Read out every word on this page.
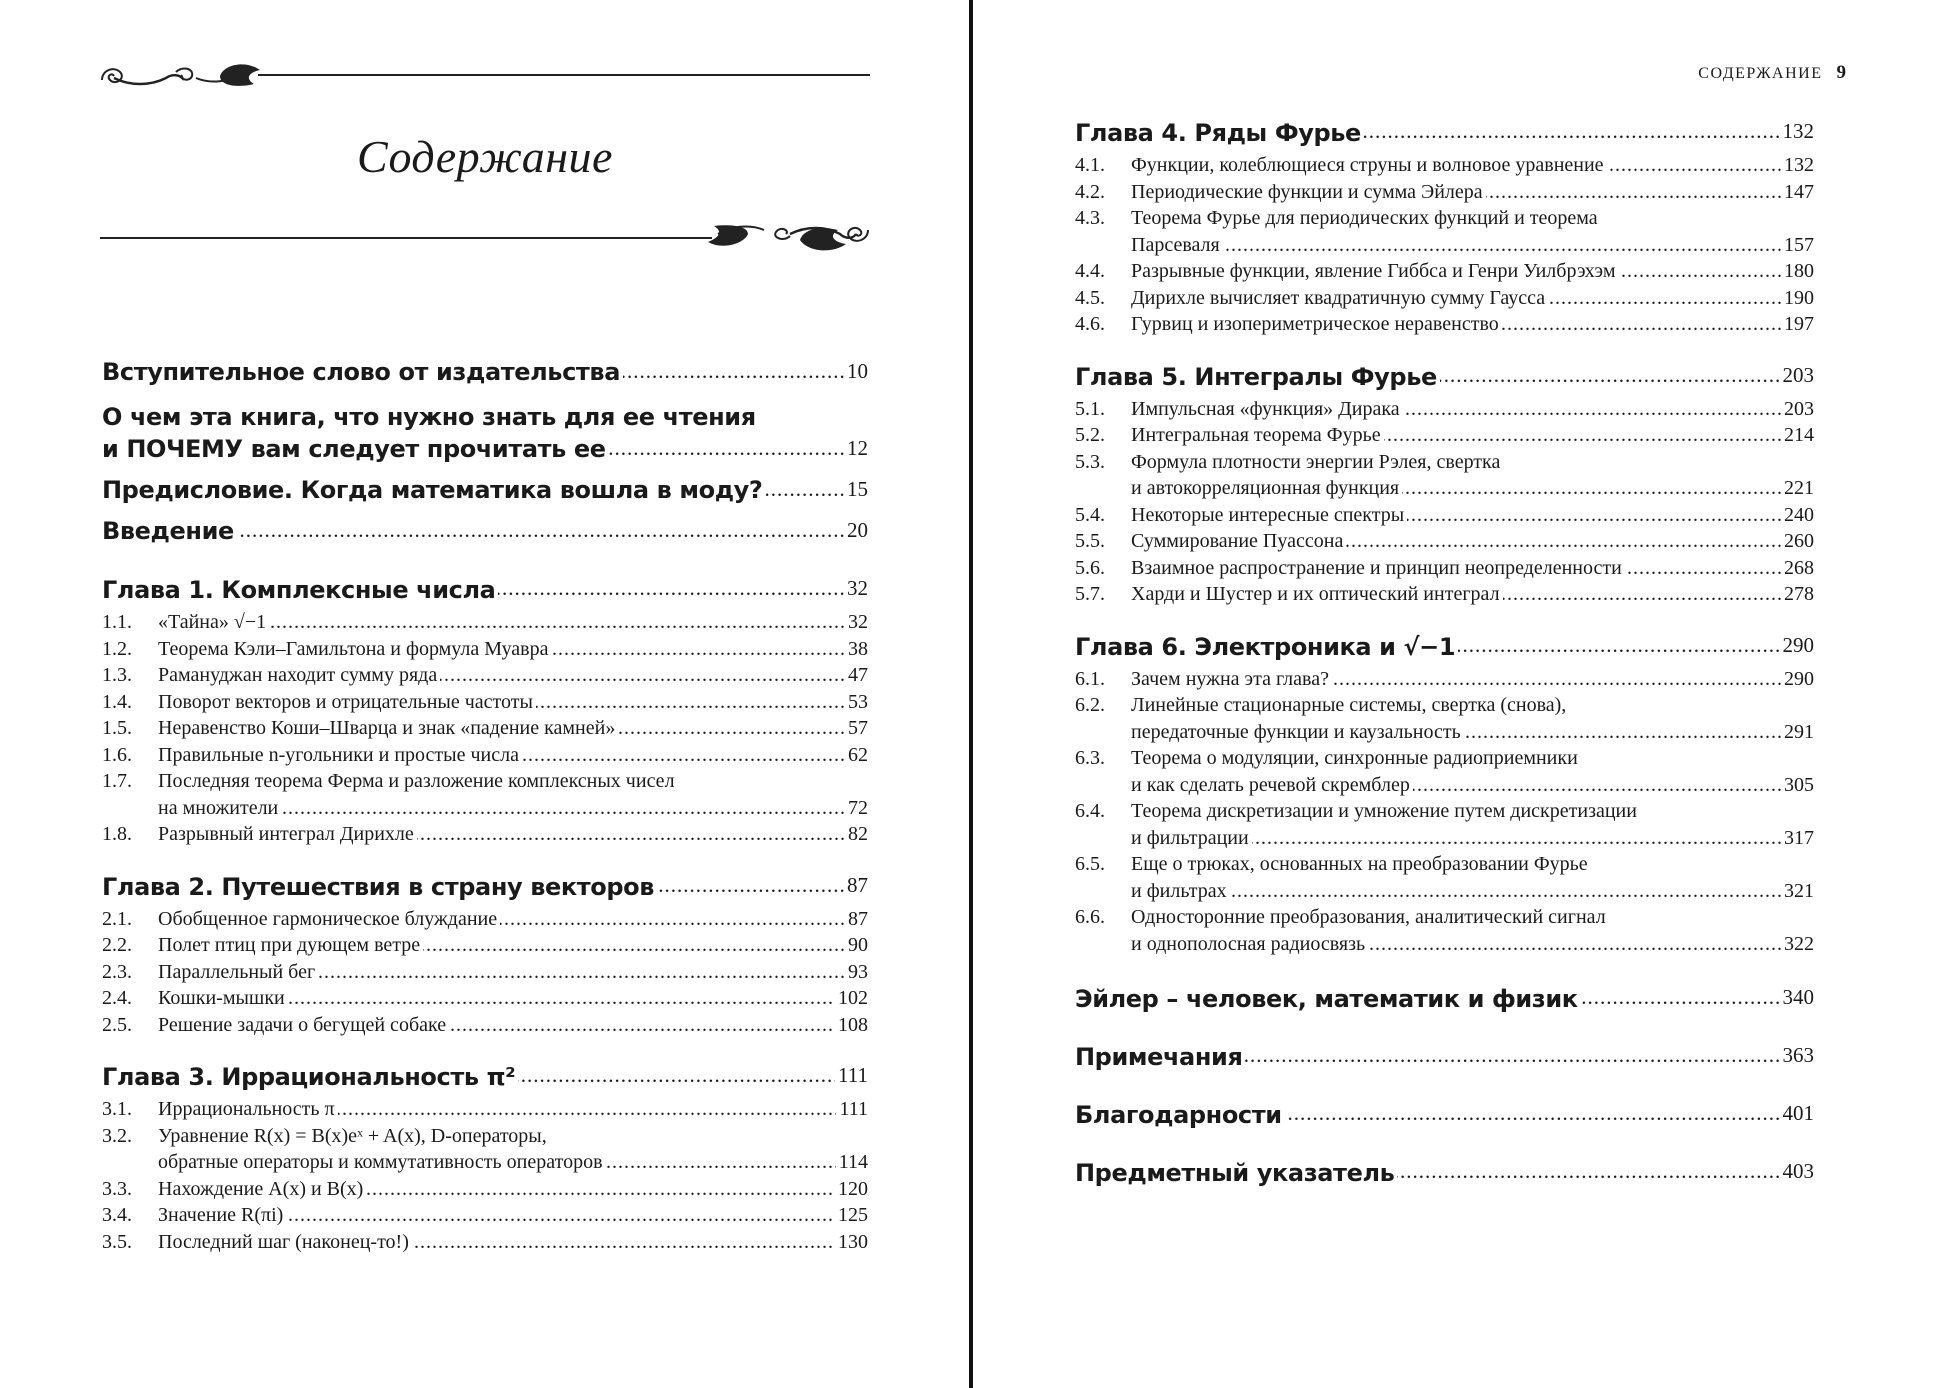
Содержание
Вступительное слово от издательства	10
.....
О чем эта книга, что нужно знать для ее чтения
и ПОЧЕМУ вам следует прочитать ее	12
.....
Предисловие. Когда математика вошла в моду?	15
.....
Введение	20
.....
Глава 1. Комплексные числа	32
.....
1.1. «Тайна» √−1	32
.....
1.2. Теорема Кэли–Гамильтона и формула Муавра	38
.....
1.3. Рамануджан находит сумму ряда	47
.....
1.4. Поворот векторов и отрицательные частоты	53
.....
1.5. Неравенство Коши–Шварца и знак «падение камней»	57
.....
1.6. Правильные n-угольники и простые числа	62
.....
1.7. Последняя теорема Ферма и разложение комплексных чисел
на множители	72
.....
1.8. Разрывный интеграл Дирихле	82
.....
Глава 2. Путешествия в страну векторов	87
.....
2.1. Обобщенное гармоническое блуждание	87
.....
2.2. Полет птиц при дующем ветре	90
.....
2.3. Параллельный бег	93
.....
2.4. Кошки-мышки	102
.....
2.5. Решение задачи о бегущей собаке	108
.....
Глава 3. Иррациональность π²	111
.....
3.1. Иррациональность π	111
.....
3.2. Уравнение R(x) = B(x)eˣ + A(x), D-операторы,
обратные операторы и коммутативность операторов	114
.....
3.3. Нахождение A(x) и B(x)	120
.....
3.4. Значение R(πi)	125
.....
3.5. Последний шаг (наконец-то!)	130
.....
СОДЕРЖАНИЕ 9
Глава 4. Ряды Фурье	132
.....
4.1. Функции, колеблющиеся струны и волновое уравнение	132
.....
4.2. Периодические функции и сумма Эйлера	147
.....
4.3. Теорема Фурье для периодических функций и теорема
Парсеваля	157
.....
4.4. Разрывные функции, явление Гиббса и Генри Уилбрэхэм	180
.....
4.5. Дирихле вычисляет квадратичную сумму Гаусса	190
.....
4.6. Гурвиц и изопериметрическое неравенство	197
.....
Глава 5. Интегралы Фурье	203
.....
5.1. Импульсная «функция» Дирака	203
.....
5.2. Интегральная теорема Фурье	214
.....
5.3. Формула плотности энергии Рэлея, свертка
и автокорреляционная функция	221
.....
5.4. Некоторые интересные спектры	240
.....
5.5. Суммирование Пуассона	260
.....
5.6. Взаимное распространение и принцип неопределенности	268
.....
5.7. Харди и Шустер и их оптический интеграл	278
.....
Глава 6. Электроника и √−1	290
.....
6.1. Зачем нужна эта глава?	290
.....
6.2. Линейные стационарные системы, свертка (снова),
передаточные функции и каузальность	291
.....
6.3. Теорема о модуляции, синхронные радиоприемники
и как сделать речевой скремблер	305
.....
6.4. Теорема дискретизации и умножение путем дискретизации
и фильтрации	317
.....
6.5. Еще о трюках, основанных на преобразовании Фурье
и фильтрах	321
.....
6.6. Односторонние преобразования, аналитический сигнал
и однополосная радиосвязь	322
.....
Эйлер – человек, математик и физик	340
.....
Примечания	363
.....
Благодарности	401
.....
Предметный указатель	403
.....
